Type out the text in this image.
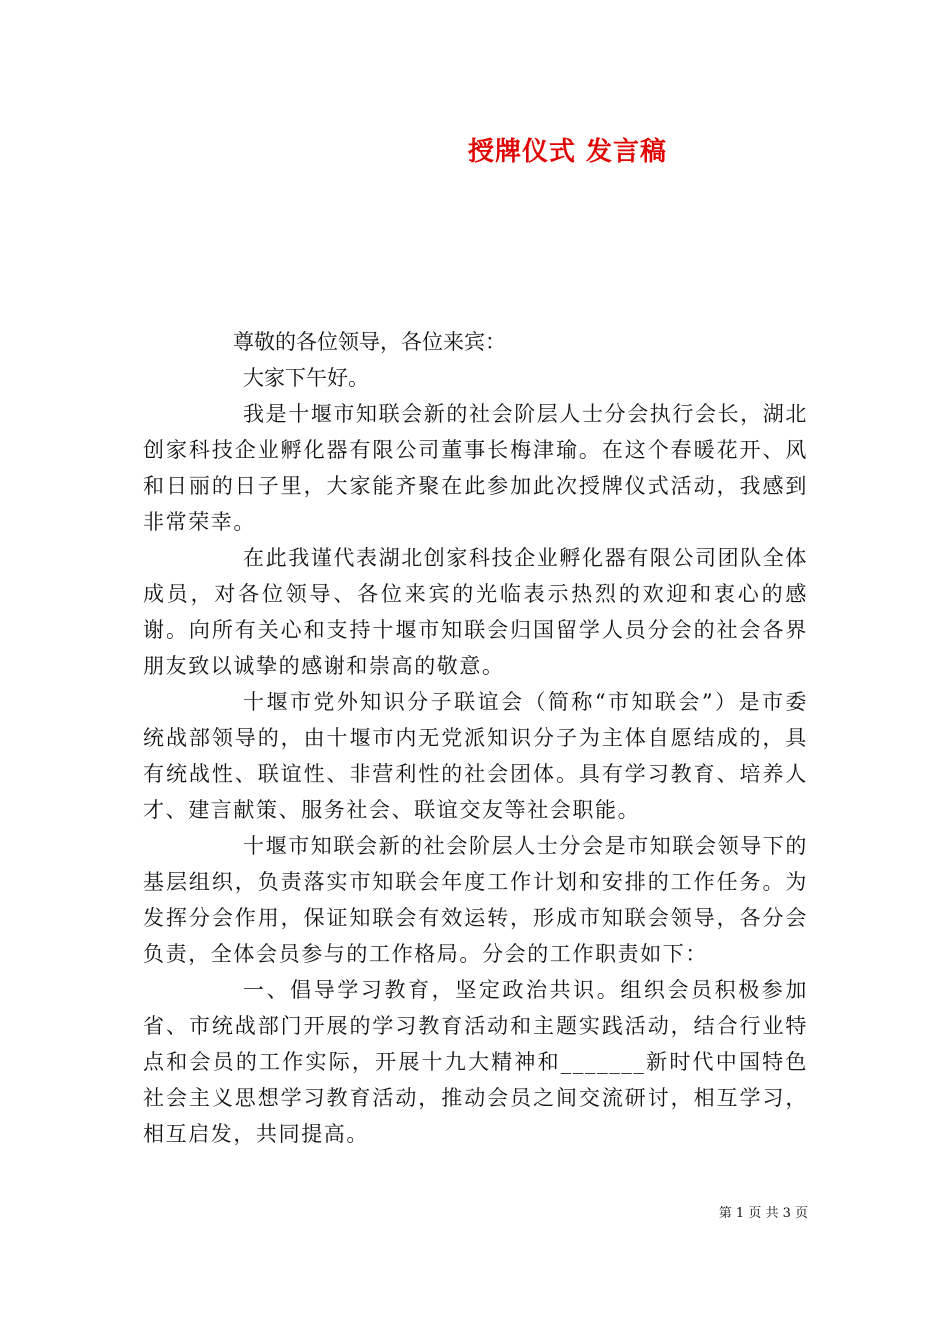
授牌仪式 发言稿

尊敬的各位领导，各位来宾：

大家下午好。

我是十堰市知联会新的社会阶层人士分会执行会长，湖北创家科技企业孵化器有限公司董事长梅津瑜。在这个春暖花开、风和日丽的日子里，大家能齐聚在此参加此次授牌仪式活动，我感到非常荣幸。

在此我谨代表湖北创家科技企业孵化器有限公司团队全体成员，对各位领导、各位来宾的光临表示热烈的欢迎和衷心的感谢。向所有关心和支持十堰市知联会归国留学人员分会的社会各界朋友致以诚挚的感谢和崇高的敬意。

十堰市党外知识分子联谊会（简称“市知联会”）是市委统战部领导的，由十堰市内无党派知识分子为主体自愿结成的，具有统战性、联谊性、非营利性的社会团体。具有学习教育、培养人才、建言献策、服务社会、联谊交友等社会职能。

十堰市知联会新的社会阶层人士分会是市知联会领导下的基层组织，负责落实市知联会年度工作计划和安排的工作任务。为发挥分会作用，保证知联会有效运转，形成市知联会领导，各分会负责，全体会员参与的工作格局。分会的工作职责如下：

一、倡导学习教育，坚定政治共识。组织会员积极参加省、市统战部门开展的学习教育活动和主题实践活动，结合行业特点和会员的工作实际，开展十九大精神和_______新时代中国特色社会主义思想学习教育活动，推动会员之间交流研讨，相互学习，相互启发，共同提高。

第 1 页 共 3 页
